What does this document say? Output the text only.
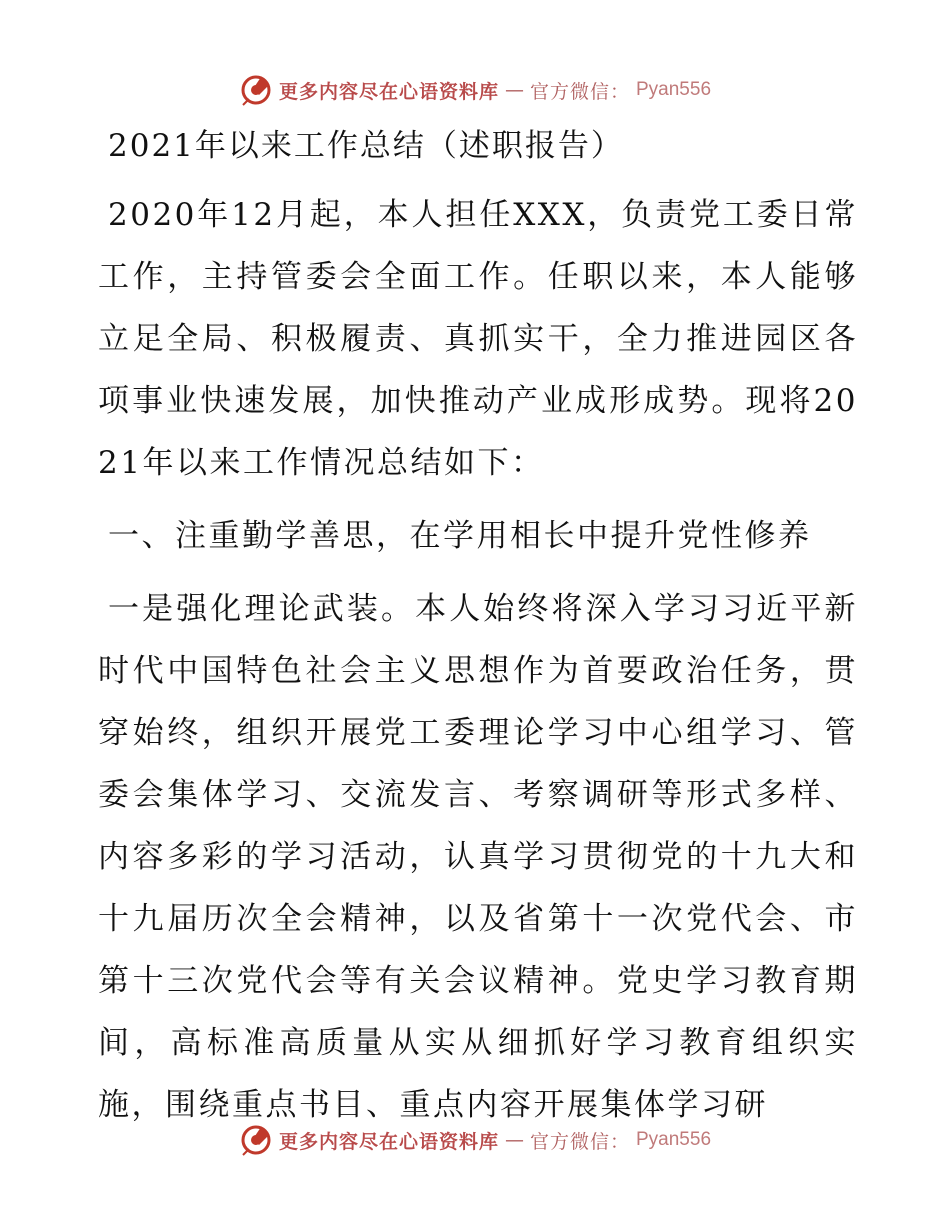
更多内容尽在心语资料库 — 官方微信： Pyan556
2021年以来工作总结（述职报告）

2020年12月起，本人担任XXX，负责党工委日常工作，主持管委会全面工作。任职以来，本人能够立足全局、积极履责、真抓实干，全力推进园区各项事业快速发展，加快推动产业成形成势。现将2021年以来工作情况总结如下：

一、注重勤学善思，在学用相长中提升党性修养

一是强化理论武装。本人始终将深入学习习近平新时代中国特色社会主义思想作为首要政治任务，贯穿始终，组织开展党工委理论学习中心组学习、管委会集体学习、交流发言、考察调研等形式多样、内容多彩的学习活动，认真学习贯彻党的十九大和十九届历次全会精神，以及省第十一次党代会、市第十三次党代会等有关会议精神。党史学习教育期间，高标准高质量从实从细抓好学习教育组织实施，围绕重点书目、重点内容开展集体学习研

更多内容尽在心语资料库 — 官方微信： Pyan556
